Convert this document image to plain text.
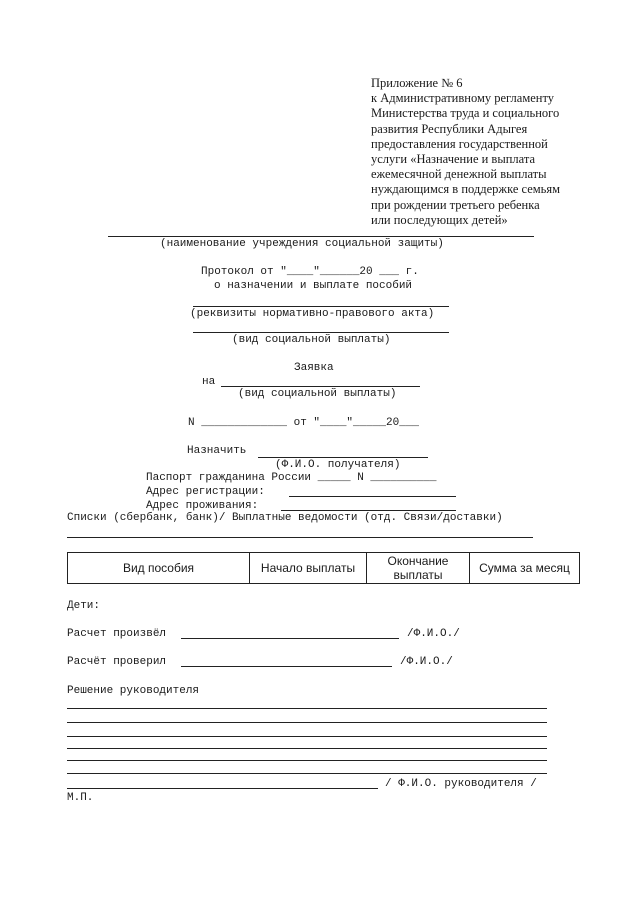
Приложение № 6
к Административному регламенту
Министерства труда и социального
развития Республики Адыгея
предоставления государственной
услуги «Назначение и выплата
ежемесячной денежной выплаты
нуждающимся в поддержке семьям
при рождении третьего ребенка
или последующих детей»
(наименование учреждения социальной защиты)
Протокол от "____"______20 ___ г.
о назначении и выплате пособий
(реквизиты нормативно-правового акта)
(вид социальной выплаты)
Заявка
на
(вид социальной выплаты)
N _____________ от "____"_____20___
Назначить
(Ф.И.О. получателя)
Паспорт гражданина России _____ N __________
Адрес регистрации:
Адрес проживания:
Списки (сбербанк, банк)/ Выплатные ведомости (отд. Связи/доставки)
Вид пособия	Начало выплаты	Окончание выплаты	Сумма за месяц
Дети:
Расчет произвёл	/Ф.И.О./
Расчёт проверил	/Ф.И.О./
Решение руководителя
/ Ф.И.О. руководителя /
М.П.
